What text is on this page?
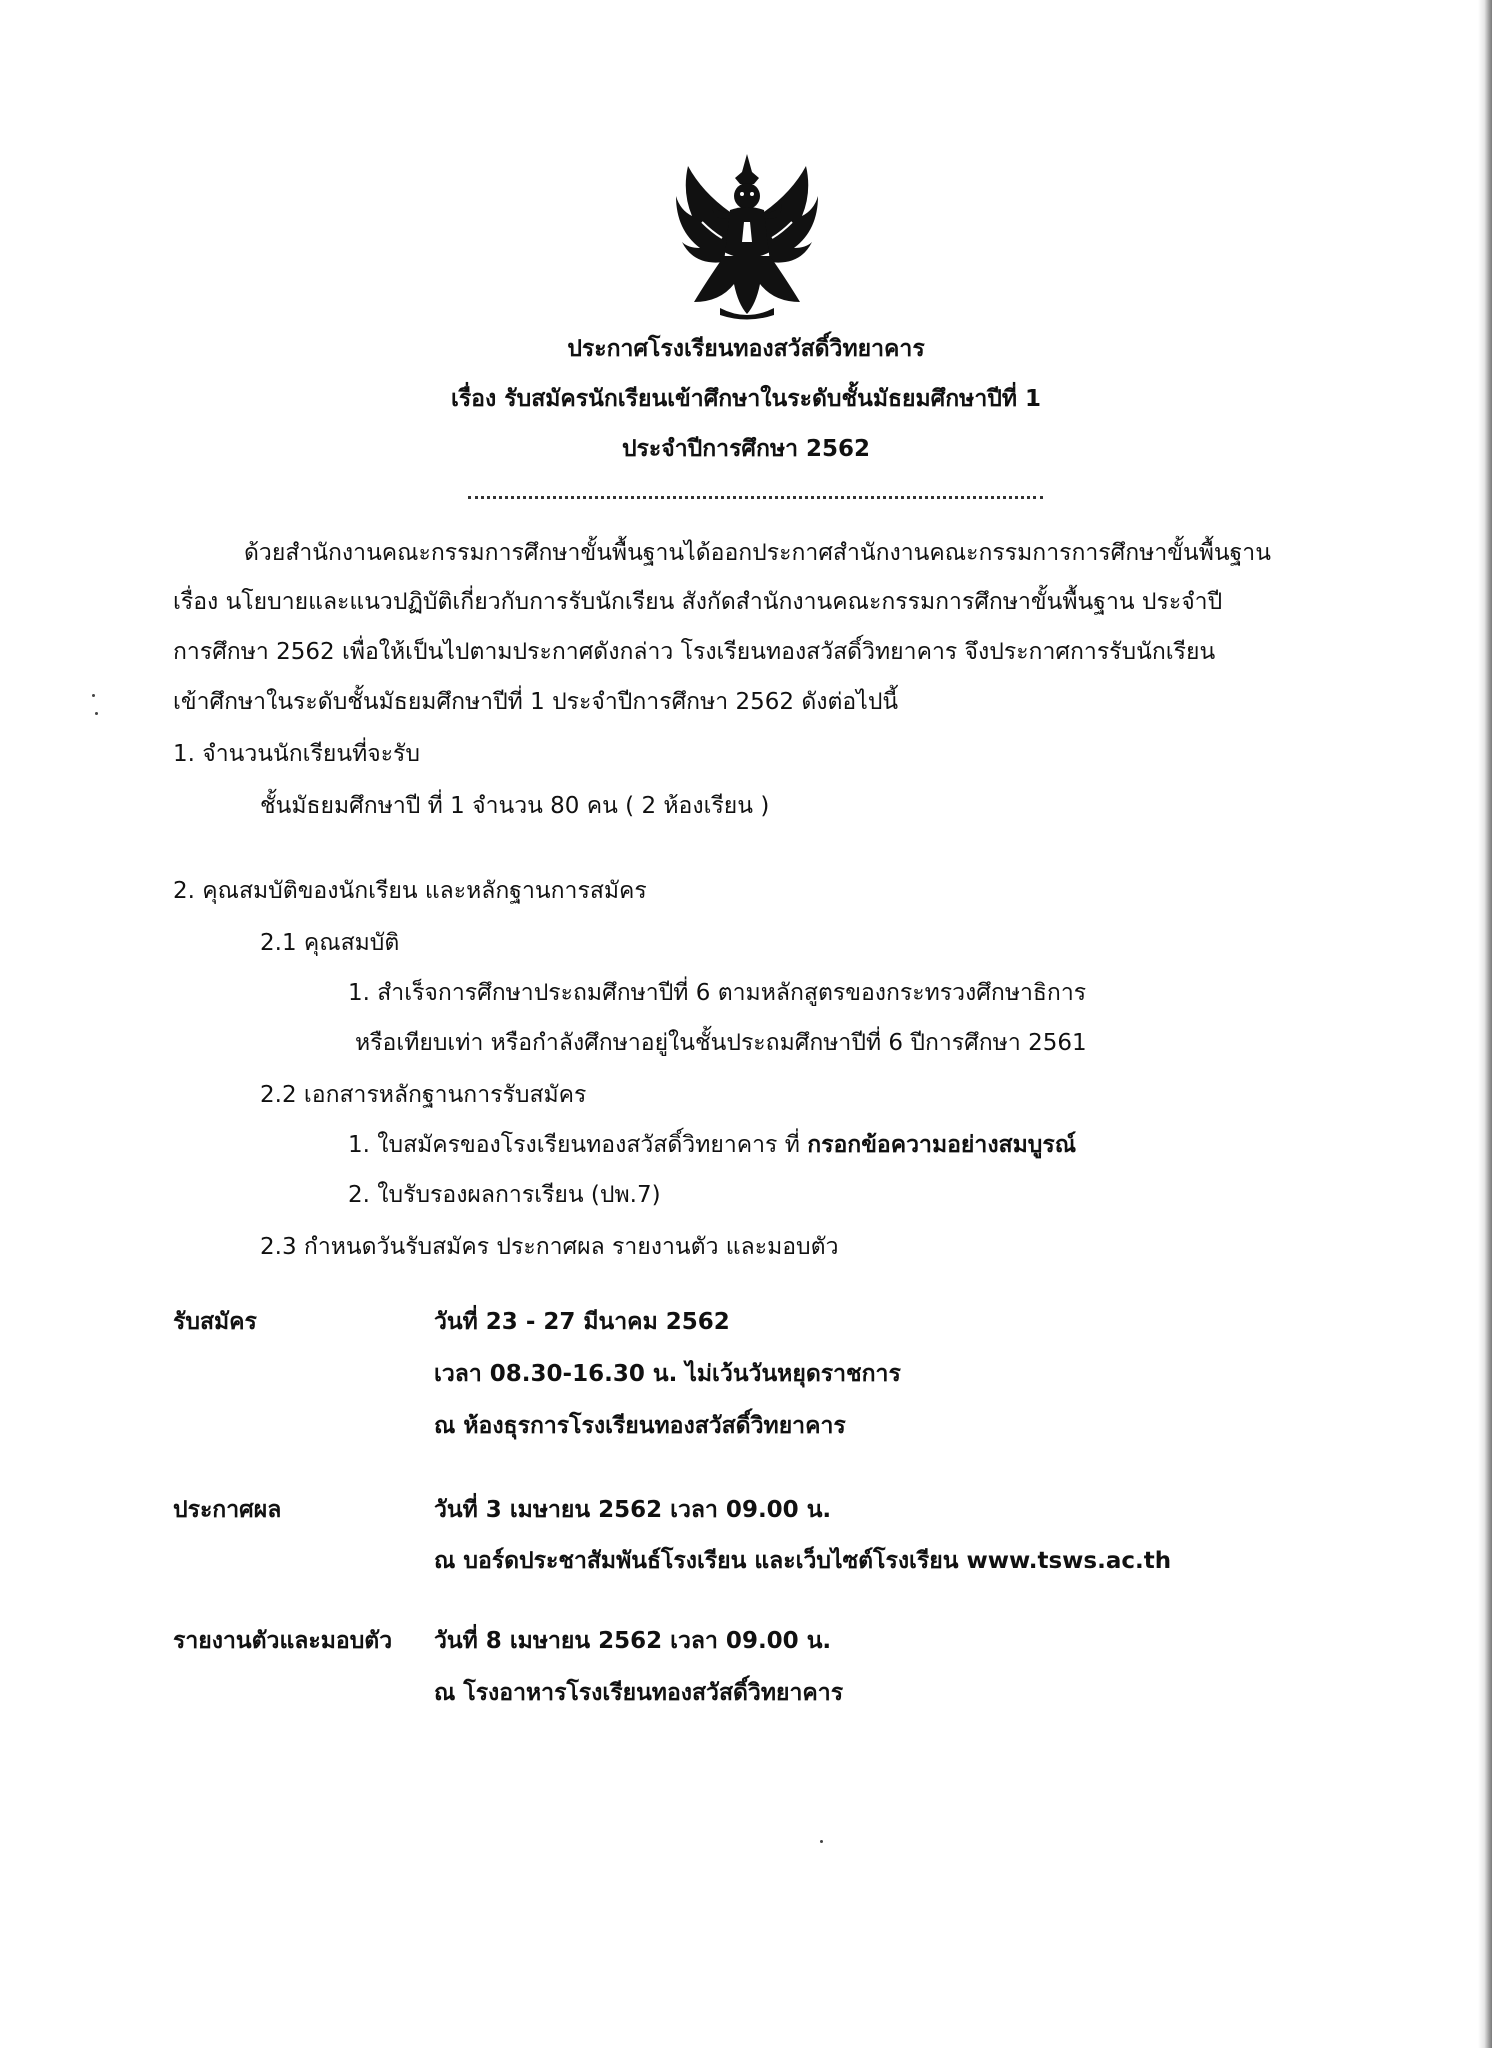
ประกาศโรงเรียนทองสวัสดิ์วิทยาคาร
เรื่อง รับสมัครนักเรียนเข้าศึกษาในระดับชั้นมัธยมศึกษาปีที่ 1
ประจำปีการศึกษา 2562
ด้วยสำนักงานคณะกรรมการศึกษาขั้นพื้นฐานได้ออกประกาศสำนักงานคณะกรรมการการศึกษาขั้นพื้นฐาน
เรื่อง นโยบายและแนวปฏิบัติเกี่ยวกับการรับนักเรียน สังกัดสำนักงานคณะกรรมการศึกษาขั้นพื้นฐาน ประจำปี
การศึกษา 2562 เพื่อให้เป็นไปตามประกาศดังกล่าว โรงเรียนทองสวัสดิ์วิทยาคาร จึงประกาศการรับนักเรียน
เข้าศึกษาในระดับชั้นมัธยมศึกษาปีที่ 1 ประจำปีการศึกษา 2562 ดังต่อไปนี้
1. จำนวนนักเรียนที่จะรับ
ชั้นมัธยมศึกษาปี ที่ 1 จำนวน 80 คน ( 2 ห้องเรียน )
2. คุณสมบัติของนักเรียน และหลักฐานการสมัคร
2.1 คุณสมบัติ
1. สำเร็จการศึกษาประถมศึกษาปีที่ 6 ตามหลักสูตรของกระทรวงศึกษาธิการ
หรือเทียบเท่า หรือกำลังศึกษาอยู่ในชั้นประถมศึกษาปีที่ 6 ปีการศึกษา 2561
2.2 เอกสารหลักฐานการรับสมัคร
1. ใบสมัครของโรงเรียนทองสวัสดิ์วิทยาคาร ที่ กรอกข้อความอย่างสมบูรณ์
2. ใบรับรองผลการเรียน (ปพ.7)
2.3 กำหนดวันรับสมัคร ประกาศผล รายงานตัว และมอบตัว
รับสมัคร	วันที่ 23 - 27 มีนาคม 2562
เวลา 08.30-16.30 น. ไม่เว้นวันหยุดราชการ
ณ ห้องธุรการโรงเรียนทองสวัสดิ์วิทยาคาร
ประกาศผล	วันที่ 3 เมษายน 2562 เวลา 09.00 น.
ณ บอร์ดประชาสัมพันธ์โรงเรียน และเว็บไซต์โรงเรียน www.tsws.ac.th
รายงานตัวและมอบตัว วันที่ 8 เมษายน 2562 เวลา 09.00 น.
ณ โรงอาหารโรงเรียนทองสวัสดิ์วิทยาคาร
